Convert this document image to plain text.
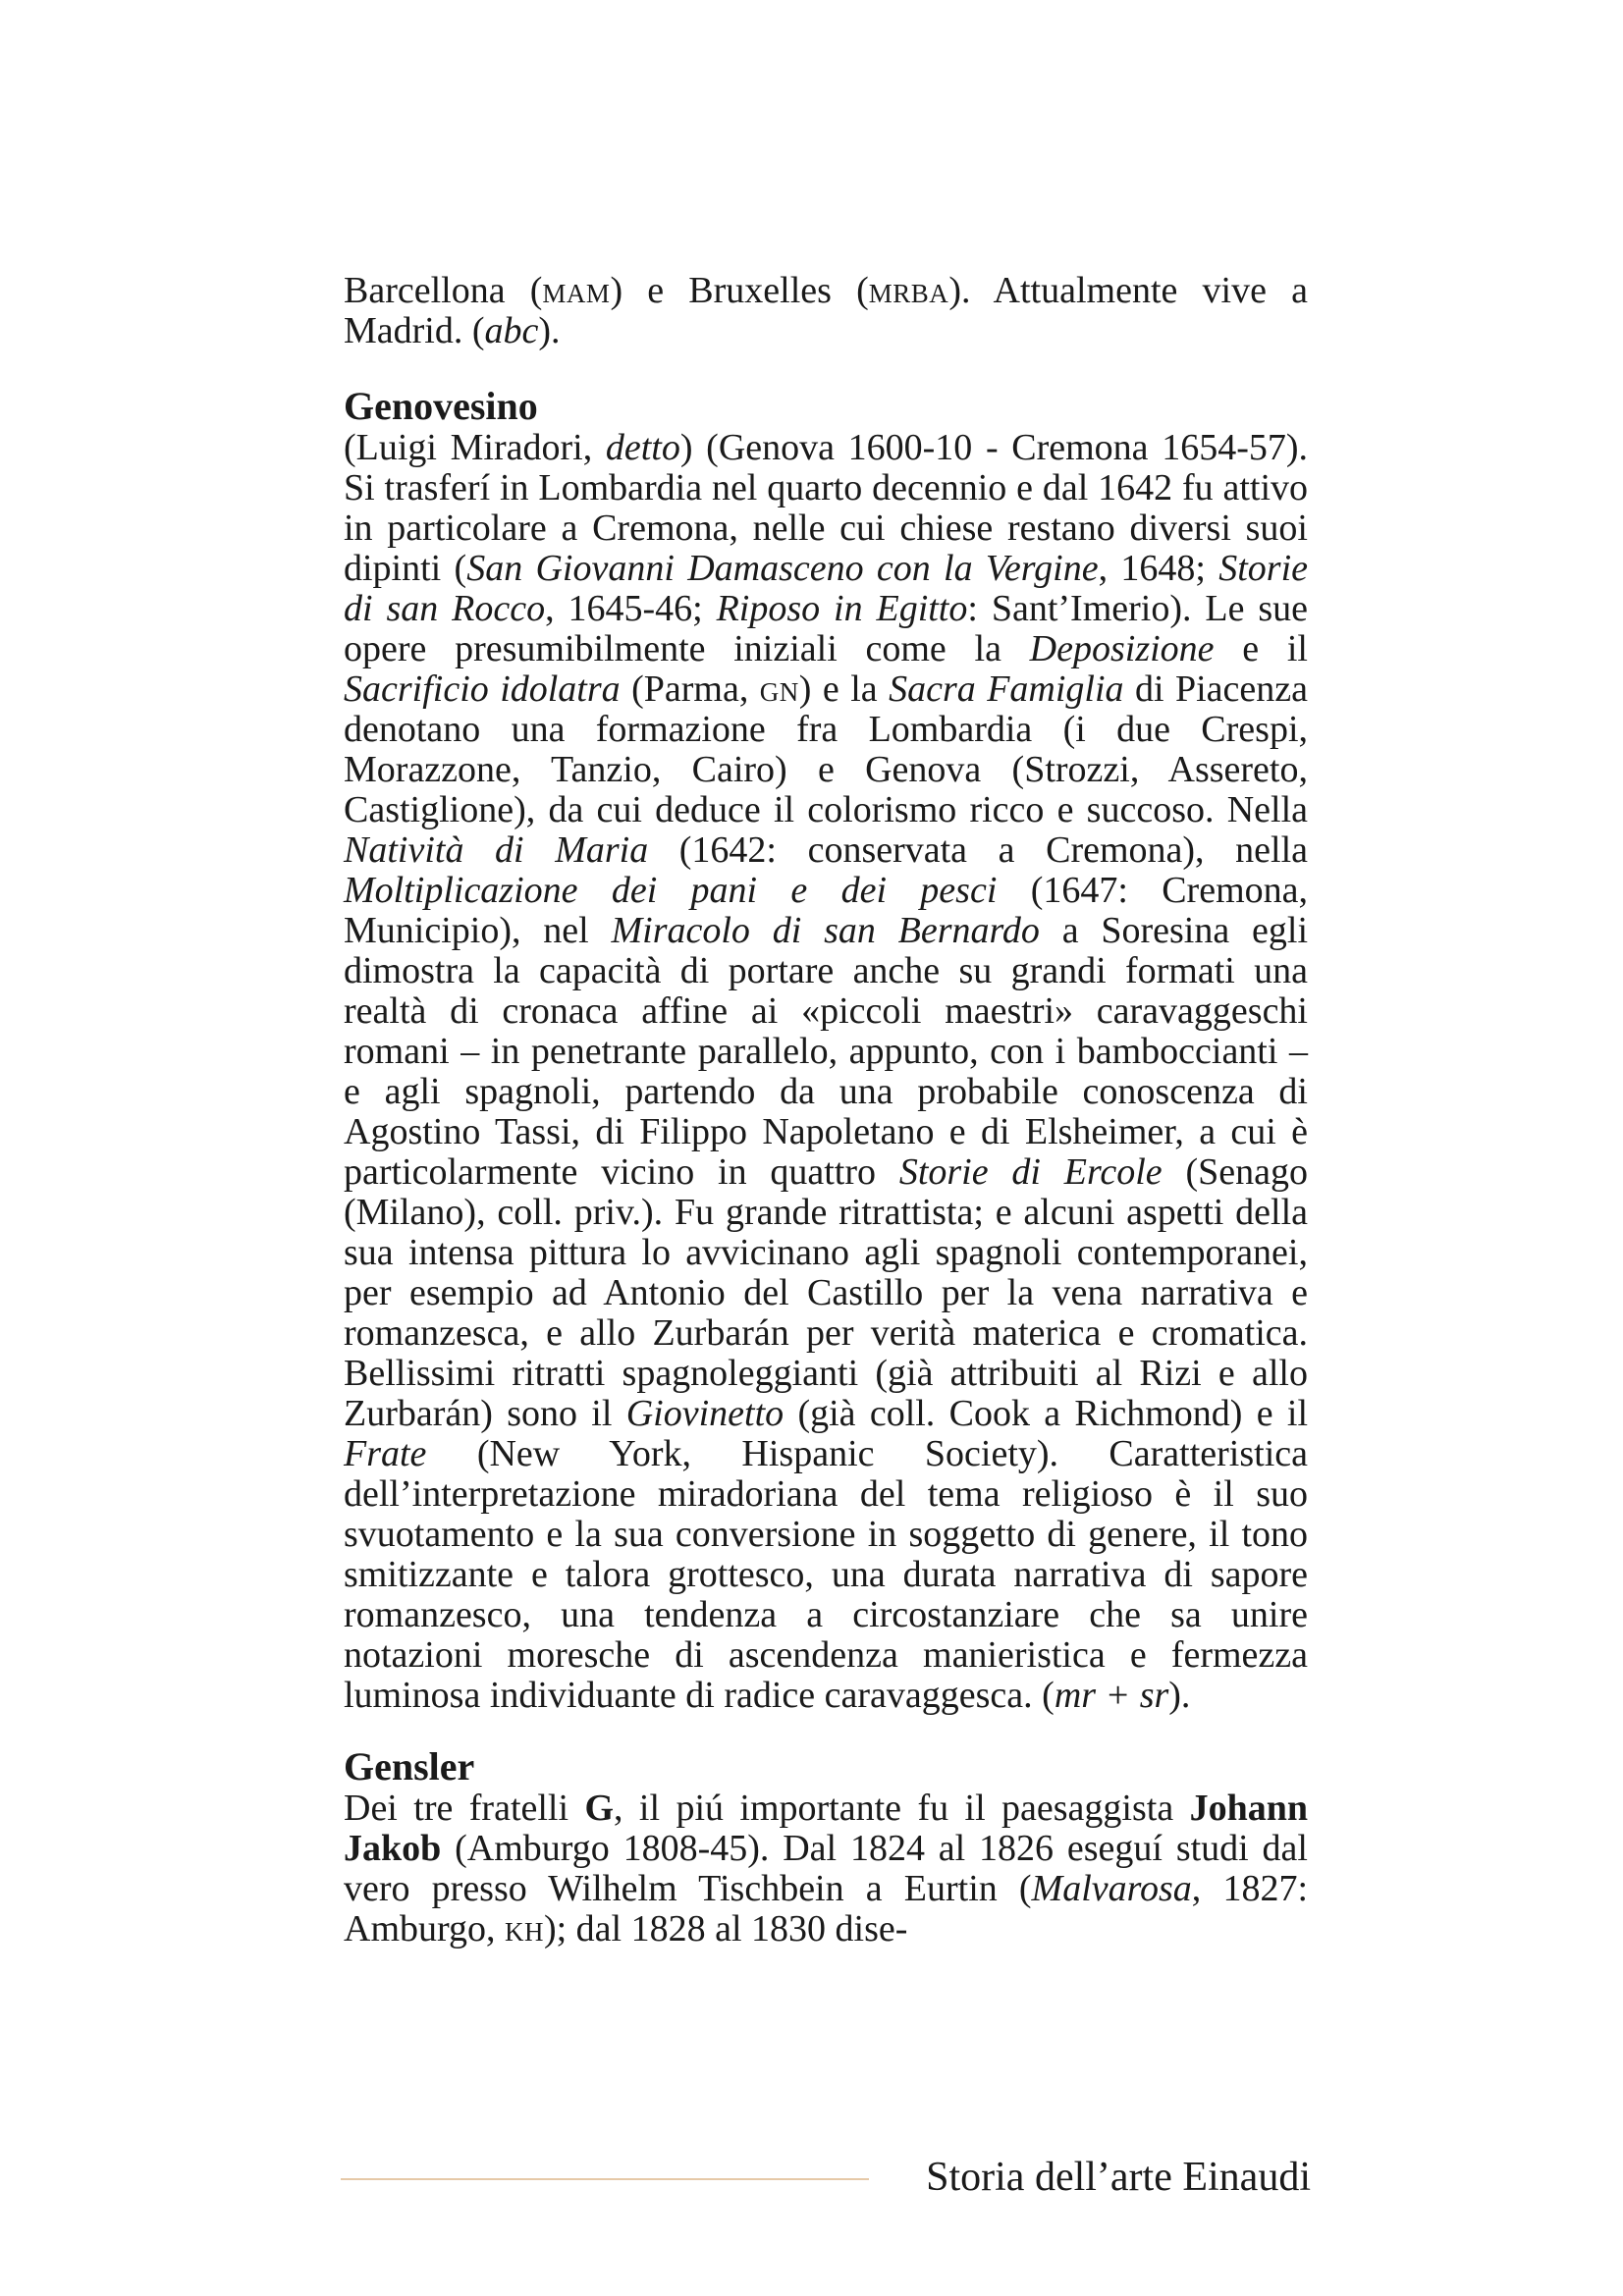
Barcellona (mam) e Bruxelles (mrba). Attualmente vive a Madrid. (abc).

Genovesino

(Luigi Miradori, detto) (Genova 1600-10 - Cremona 1654-57). Si trasferí in Lombardia nel quarto decennio e dal 1642 fu attivo in particolare a Cremona, nelle cui chiese restano diversi suoi dipinti (San Giovanni Damasceno con la Vergine, 1648; Storie di san Rocco, 1645-46; Riposo in Egitto: Sant’Imerio). Le sue opere presumibilmente iniziali come la Deposizione e il Sacrificio idolatra (Parma, gn) e la Sacra Famiglia di Piacenza denotano una formazione fra Lombardia (i due Crespi, Morazzone, Tanzio, Cairo) e Genova (Strozzi, Assereto, Castiglione), da cui deduce il colorismo ricco e succoso. Nella Natività di Maria (1642: conservata a Cremona), nella Moltiplicazione dei pani e dei pesci (1647: Cremona, Municipio), nel Miracolo di san Bernardo a Soresina egli dimostra la capacità di portare anche su grandi formati una realtà di cronaca affine ai «piccoli maestri» caravaggeschi romani – in penetrante parallelo, appunto, con i bamboccianti – e agli spagnoli, partendo da una probabile conoscenza di Agostino Tassi, di Filippo Napoletano e di Elsheimer, a cui è particolarmente vicino in quattro Storie di Ercole (Senago (Milano), coll. priv.). Fu grande ritrattista; e alcuni aspetti della sua intensa pittura lo avvicinano agli spagnoli contemporanei, per esempio ad Antonio del Castillo per la vena narrativa e romanzesca, e allo Zurbarán per verità materica e cromatica. Bellissimi ritratti spagnoleggianti (già attribuiti al Rizi e allo Zurbarán) sono il Giovinetto (già coll. Cook a Richmond) e il Frate (New York, Hispanic Society). Caratteristica dell’interpretazione miradoriana del tema religioso è il suo svuotamento e la sua conversione in soggetto di genere, il tono smitizzante e talora grottesco, una durata narrativa di sapore romanzesco, una tendenza a circostanziare che sa unire notazioni moresche di ascendenza manieristica e fermezza luminosa individuante di radice caravaggesca. (mr + sr).

Gensler

Dei tre fratelli G, il piú importante fu il paesaggista Johann Jakob (Amburgo 1808-45). Dal 1824 al 1826 eseguí studi dal vero presso Wilhelm Tischbein a Eurtin (Malvarosa, 1827: Amburgo, kh); dal 1828 al 1830 dise-

Storia dell’arte Einaudi
